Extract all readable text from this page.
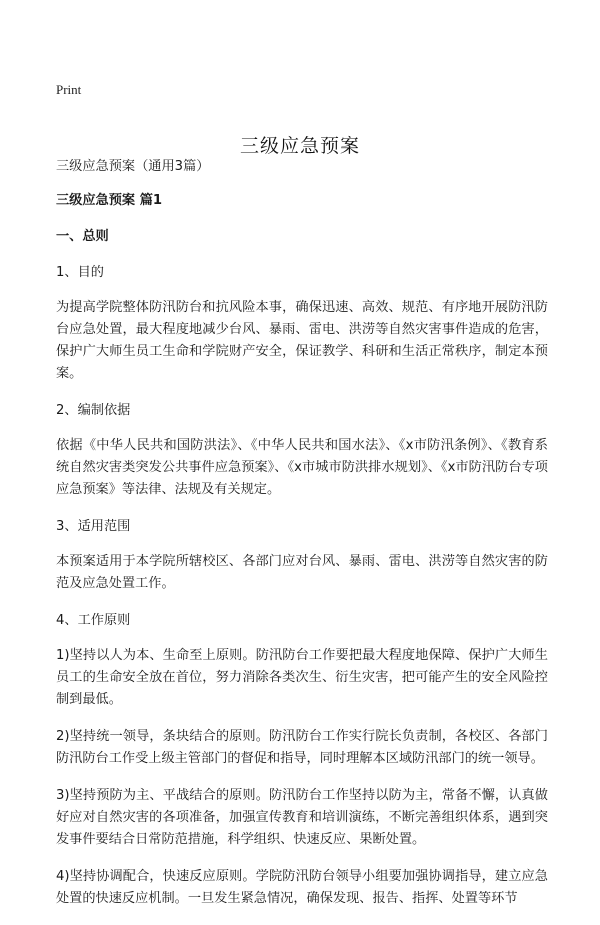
Print
三级应急预案

三级应急预案（通用3篇）

三级应急预案 篇1

一、总则

1、目的

为提高学院整体防汛防台和抗风险本事，确保迅速、高效、规范、有序地开展防汛防台应急处置，最大程度地减少台风、暴雨、雷电、洪涝等自然灾害事件造成的危害，保护广大师生员工生命和学院财产安全，保证教学、科研和生活正常秩序，制定本预案。

2、编制依据

依据《中华人民共和国防洪法》、《中华人民共和国水法》、《x市防汛条例》、《教育系统自然灾害类突发公共事件应急预案》、《x市城市防洪排水规划》、《x市防汛防台专项应急预案》等法律、法规及有关规定。

3、适用范围

本预案适用于本学院所辖校区、各部门应对台风、暴雨、雷电、洪涝等自然灾害的防范及应急处置工作。

4、工作原则

1)坚持以人为本、生命至上原则。防汛防台工作要把最大程度地保障、保护广大师生员工的生命安全放在首位，努力消除各类次生、衍生灾害，把可能产生的安全风险控制到最低。

2)坚持统一领导，条块结合的原则。防汛防台工作实行院长负责制，各校区、各部门防汛防台工作受上级主管部门的督促和指导，同时理解本区域防汛部门的统一领导。

3)坚持预防为主、平战结合的原则。防汛防台工作坚持以防为主，常备不懈，认真做好应对自然灾害的各项准备，加强宣传教育和培训演练，不断完善组织体系，遇到突发事件要结合日常防范措施，科学组织、快速反应、果断处置。

4)坚持协调配合，快速反应原则。学院防汛防台领导小组要加强协调指导，建立应急处置的快速反应机制。一旦发生紧急情况，确保发现、报告、指挥、处置等环节
